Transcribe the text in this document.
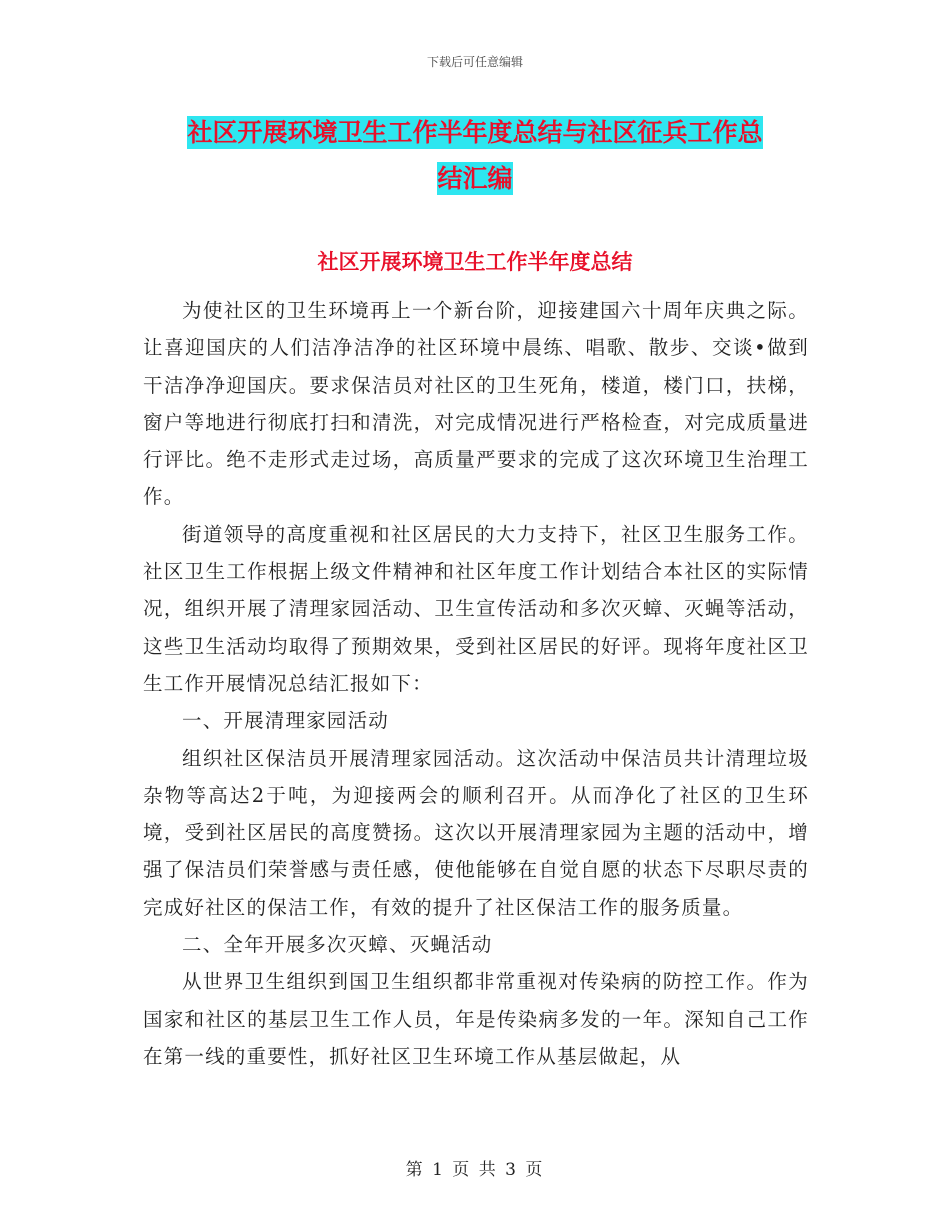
下载后可任意编辑
社区开展环境卫生工作半年度总结与社区征兵工作总
结汇编
社区开展环境卫生工作半年度总结

为使社区的卫生环境再上一个新台阶，迎接建国六十周年庆典之际。让喜迎国庆的人们洁净洁净的社区环境中晨练、唱歌、散步、交谈•做到干洁净净迎国庆。要求保洁员对社区的卫生死角，楼道，楼门口，扶梯，窗户等地进行彻底打扫和清洗，对完成情况进行严格检查，对完成质量进行评比。绝不走形式走过场，高质量严要求的完成了这次环境卫生治理工作。

街道领导的高度重视和社区居民的大力支持下，社区卫生服务工作。社区卫生工作根据上级文件精神和社区年度工作计划结合本社区的实际情况，组织开展了清理家园活动、卫生宣传活动和多次灭蟑、灭蝇等活动，这些卫生活动均取得了预期效果，受到社区居民的好评。现将年度社区卫生工作开展情况总结汇报如下：

一、开展清理家园活动

组织社区保洁员开展清理家园活动。这次活动中保洁员共计清理垃圾杂物等高达2于吨，为迎接两会的顺利召开。从而净化了社区的卫生环境，受到社区居民的高度赞扬。这次以开展清理家园为主题的活动中，增强了保洁员们荣誉感与责任感，使他能够在自觉自愿的状态下尽职尽责的完成好社区的保洁工作，有效的提升了社区保洁工作的服务质量。

二、全年开展多次灭蟑、灭蝇活动

从世界卫生组织到国卫生组织都非常重视对传染病的防控工作。作为国家和社区的基层卫生工作人员，年是传染病多发的一年。深知自己工作在第一线的重要性，抓好社区卫生环境工作从基层做起，从

第 1 页 共 3 页
